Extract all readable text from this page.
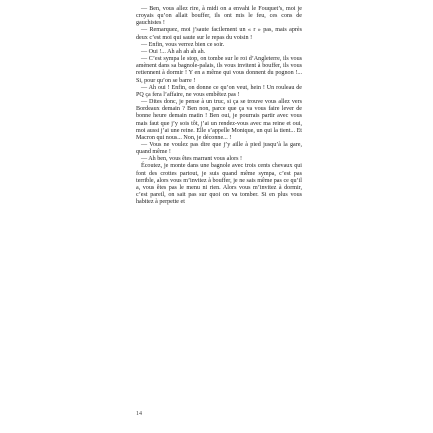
— Ben, vous allez rire, à midi on a envahi le Fouquet’s, moi je croyais qu’on allait bouffer, ils ont mis le feu, ces cons de gauchistes !

— Remarquez, moi j’saute facilement un « r » pas, mais après deux c’est moi qui saute sur le repas du voisin !

— Enfin, vous verrez bien ce soir.

— Oui !... Ah ah ah ah ah.

— C’est sympa le stop, on tombe sur le roi d’Angleterre, ils vous amènent dans sa bagnole-palais, ils vous invitent à bouffer, ils vous retiennent à dormir ! Y en a même qui vous donnent du pognon !... Si, pour qu’on se barre !

— Ah oui ! Enfin, on donne ce qu’on veut, hein ! Un rouleau de PQ ça fera l’affaire, ne vous embêtez pas !

— Dites donc, je pense à un truc, si ça se trouve vous allez vers Bordeaux demain ? Ben non, parce que ça va vous faire lever de bonne heure demain matin ! Ben oui, je pourrais partir avec vous mais faut que j’y sois tôt, j’ai un rendez-vous avec ma reine et oui, moi aussi j’ai une reine. Elle s’appelle Monique, un qui la tient... Et Macron qui nous... Non, je déconne... !

— Vous ne voulez pas dire que j’y aille à pied jusqu’à la gare, quand même !

— Ah ben, vous êtes marrant vous alors !

Écoutez, je monte dans une bagnole avec trois cents chevaux qui font des crottes partout, je suis quand même sympa, c’est pas terrible, alors vous m’invitez à bouffer, je ne sais même pas ce qu’il a, vous êtes pas le menu ni rien. Alors vous m’invitez à dormir, c’est pareil, on sait pas sur quoi on va tomber. Si en plus vous habitez à perpette et

14
